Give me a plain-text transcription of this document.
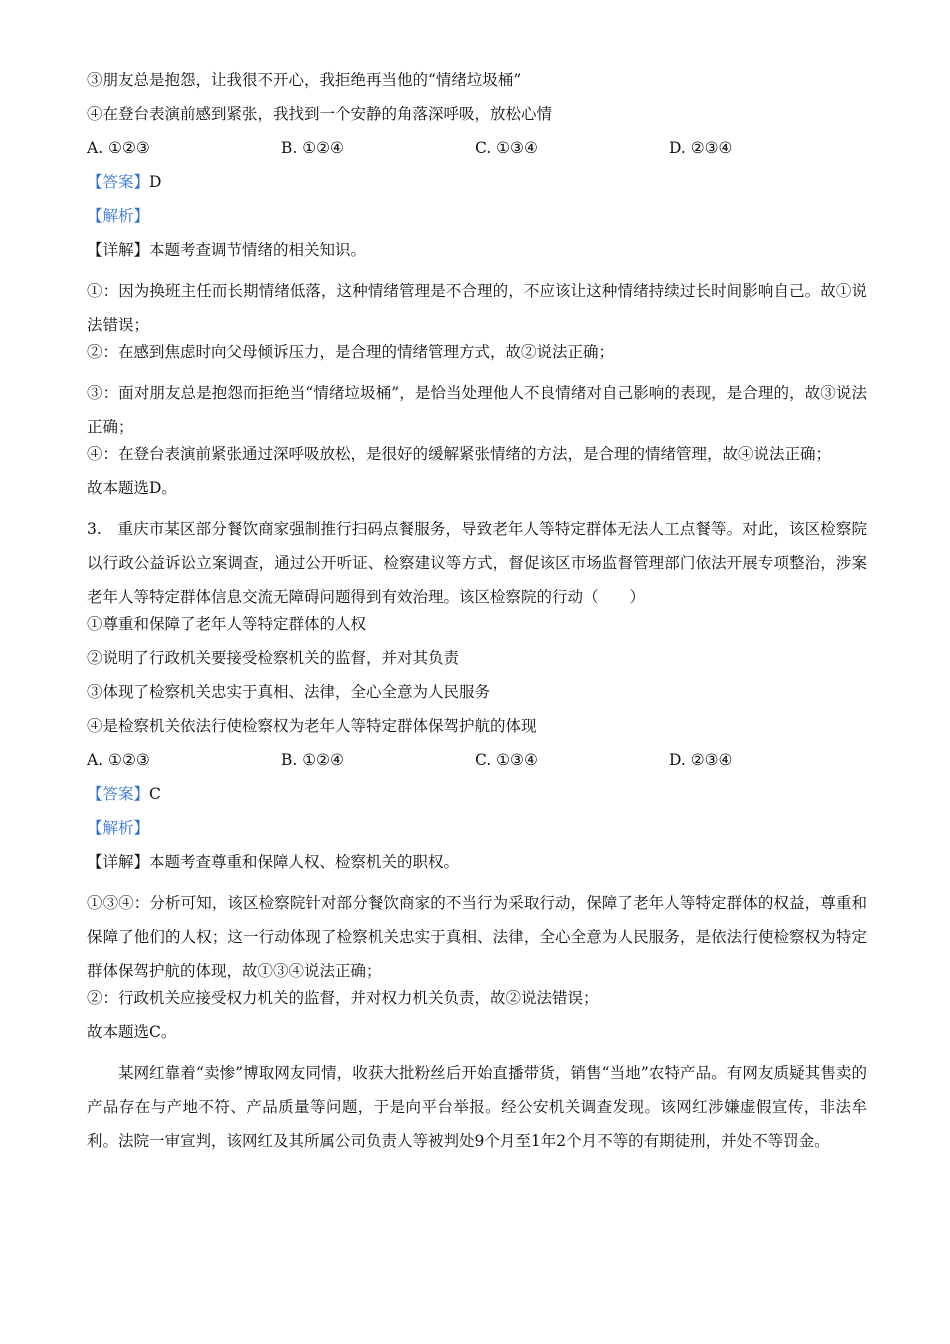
③朋友总是抱怨，让我很不开心，我拒绝再当他的“情绪垃圾桶”
④在登台表演前感到紧张，我找到一个安静的角落深呼吸，放松心情
A. ①②③	B. ①②④	C. ①③④	D. ②③④
【答案】D
【解析】
【详解】本题考查调节情绪的相关知识。
①：因为换班主任而长期情绪低落，这种情绪管理是不合理的，不应该让这种情绪持续过长时间影响自己。故①说法错误；
②：在感到焦虑时向父母倾诉压力，是合理的情绪管理方式，故②说法正确；
③：面对朋友总是抱怨而拒绝当“情绪垃圾桶”，是恰当处理他人不良情绪对自己影响的表现，是合理的，故③说法正确；
④：在登台表演前紧张通过深呼吸放松，是很好的缓解紧张情绪的方法，是合理的情绪管理，故④说法正确；
故本题选D。
3.　重庆市某区部分餐饮商家强制推行扫码点餐服务，导致老年人等特定群体无法人工点餐等。对此，该区检察院以行政公益诉讼立案调查，通过公开听证、检察建议等方式，督促该区市场监督管理部门依法开展专项整治，涉案老年人等特定群体信息交流无障碍问题得到有效治理。该区检察院的行动（　　）
①尊重和保障了老年人等特定群体的人权
②说明了行政机关要接受检察机关的监督，并对其负责
③体现了检察机关忠实于真相、法律，全心全意为人民服务
④是检察机关依法行使检察权为老年人等特定群体保驾护航的体现
A. ①②③	B. ①②④	C. ①③④	D. ②③④
【答案】C
【解析】
【详解】本题考查尊重和保障人权、检察机关的职权。
①③④：分析可知，该区检察院针对部分餐饮商家的不当行为采取行动，保障了老年人等特定群体的权益，尊重和保障了他们的人权；这一行动体现了检察机关忠实于真相、法律，全心全意为人民服务，是依法行使检察权为特定群体保驾护航的体现，故①③④说法正确；
②：行政机关应接受权力机关的监督，并对权力机关负责，故②说法错误；
故本题选C。
某网红靠着“卖惨”博取网友同情，收获大批粉丝后开始直播带货，销售“当地”农特产品。有网友质疑其售卖的产品存在与产地不符、产品质量等问题，于是向平台举报。经公安机关调查发现。该网红涉嫌虚假宣传，非法牟利。法院一审宣判，该网红及其所属公司负责人等被判处9个月至1年2个月不等的有期徒刑，并处不等罚金。
